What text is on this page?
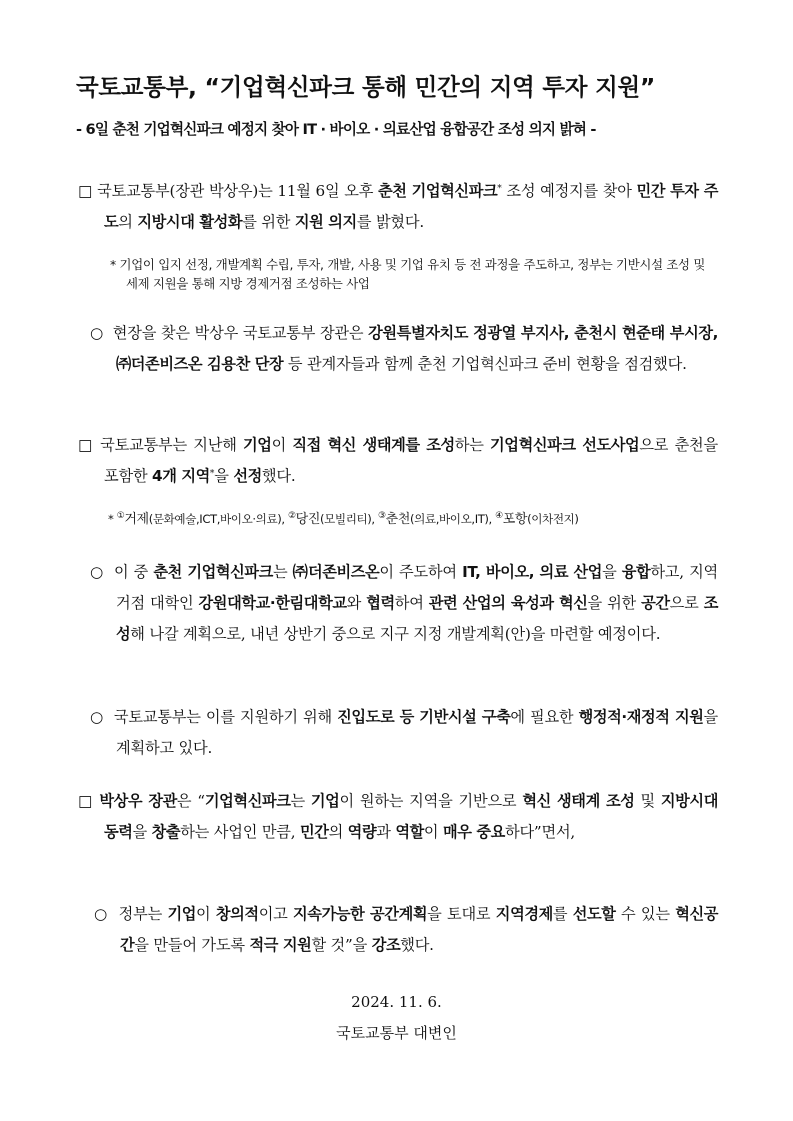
국토교통부, “기업혁신파크 통해 민간의 지역 투자 지원”
- 6일 춘천 기업혁신파크 예정지 찾아 IT · 바이오 · 의료산업 융합공간 조성 의지 밝혀 -

□ 국토교통부(장관 박상우)는 11월 6일 오후 춘천 기업혁신파크* 조성 예정지를 찾아 민간 투자 주도의 지방시대 활성화를 위한 지원 의지를 밝혔다.

* 기업이 입지 선정, 개발계획 수립, 투자, 개발, 사용 및 기업 유치 등 전 과정을 주도하고, 정부는 기반시설 조성 및 세제 지원을 통해 지방 경제거점 조성하는 사업

○ 현장을 찾은 박상우 국토교통부 장관은 강원특별자치도 정광열 부지사, 춘천시 현준태 부시장, ㈜더존비즈온 김용찬 단장 등 관계자들과 함께 춘천 기업혁신파크 준비 현황을 점검했다.

□ 국토교통부는 지난해 기업이 직접 혁신 생태계를 조성하는 기업혁신파크 선도사업으로 춘천을 포함한 4개 지역*을 선정했다.

* ①거제(문화예술,ICT,바이오·의료), ②당진(모빌리티), ③춘천(의료,바이오,IT), ④포항(이차전지)

○ 이 중 춘천 기업혁신파크는 ㈜더존비즈온이 주도하여 IT, 바이오, 의료 산업을 융합하고, 지역 거점 대학인 강원대학교·한림대학교와 협력하여 관련 산업의 육성과 혁신을 위한 공간으로 조성해 나갈 계획으로, 내년 상반기 중으로 지구 지정 개발계획(안)을 마련할 예정이다.

○ 국토교통부는 이를 지원하기 위해 진입도로 등 기반시설 구축에 필요한 행정적·재정적 지원을 계획하고 있다.

□ 박상우 장관은 “기업혁신파크는 기업이 원하는 지역을 기반으로 혁신 생태계 조성 및 지방시대 동력을 창출하는 사업인 만큼, 민간의 역량과 역할이 매우 중요하다”면서,

○ 정부는 기업이 창의적이고 지속가능한 공간계획을 토대로 지역경제를 선도할 수 있는 혁신공간을 만들어 가도록 적극 지원할 것”을 강조했다.

2024. 11. 6.
국토교통부 대변인
